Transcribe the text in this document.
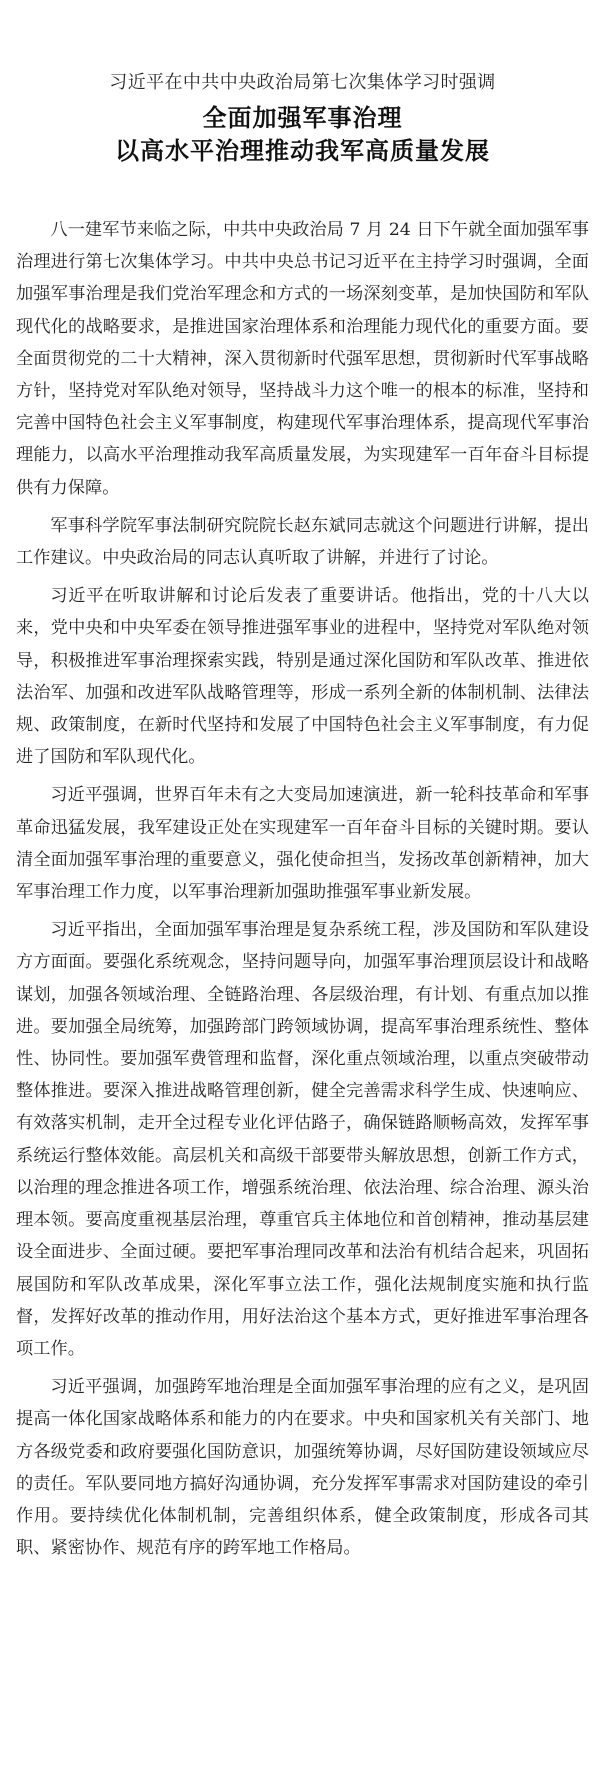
习近平在中共中央政治局第七次集体学习时强调

全面加强军事治理
以高水平治理推动我军高质量发展

八一建军节来临之际，中共中央政治局 7 月 24 日下午就全面加强军事治理进行第七次集体学习。中共中央总书记习近平在主持学习时强调，全面加强军事治理是我们党治军理念和方式的一场深刻变革，是加快国防和军队现代化的战略要求，是推进国家治理体系和治理能力现代化的重要方面。要全面贯彻党的二十大精神，深入贯彻新时代强军思想，贯彻新时代军事战略方针，坚持党对军队绝对领导，坚持战斗力这个唯一的根本的标准，坚持和完善中国特色社会主义军事制度，构建现代军事治理体系，提高现代军事治理能力，以高水平治理推动我军高质量发展，为实现建军一百年奋斗目标提供有力保障。

军事科学院军事法制研究院院长赵东斌同志就这个问题进行讲解，提出工作建议。中央政治局的同志认真听取了讲解，并进行了讨论。

习近平在听取讲解和讨论后发表了重要讲话。他指出，党的十八大以来，党中央和中央军委在领导推进强军事业的进程中，坚持党对军队绝对领导，积极推进军事治理探索实践，特别是通过深化国防和军队改革、推进依法治军、加强和改进军队战略管理等，形成一系列全新的体制机制、法律法规、政策制度，在新时代坚持和发展了中国特色社会主义军事制度，有力促进了国防和军队现代化。

习近平强调，世界百年未有之大变局加速演进，新一轮科技革命和军事革命迅猛发展，我军建设正处在实现建军一百年奋斗目标的关键时期。要认清全面加强军事治理的重要意义，强化使命担当，发扬改革创新精神，加大军事治理工作力度，以军事治理新加强助推强军事业新发展。

习近平指出，全面加强军事治理是复杂系统工程，涉及国防和军队建设方方面面。要强化系统观念，坚持问题导向，加强军事治理顶层设计和战略谋划，加强各领域治理、全链路治理、各层级治理，有计划、有重点加以推进。要加强全局统筹，加强跨部门跨领域协调，提高军事治理系统性、整体性、协同性。要加强军费管理和监督，深化重点领域治理，以重点突破带动整体推进。要深入推进战略管理创新，健全完善需求科学生成、快速响应、有效落实机制，走开全过程专业化评估路子，确保链路顺畅高效，发挥军事系统运行整体效能。高层机关和高级干部要带头解放思想，创新工作方式，以治理的理念推进各项工作，增强系统治理、依法治理、综合治理、源头治理本领。要高度重视基层治理，尊重官兵主体地位和首创精神，推动基层建设全面进步、全面过硬。要把军事治理同改革和法治有机结合起来，巩固拓展国防和军队改革成果，深化军事立法工作，强化法规制度实施和执行监督，发挥好改革的推动作用，用好法治这个基本方式，更好推进军事治理各项工作。

习近平强调，加强跨军地治理是全面加强军事治理的应有之义，是巩固提高一体化国家战略体系和能力的内在要求。中央和国家机关有关部门、地方各级党委和政府要强化国防意识，加强统筹协调，尽好国防建设领域应尽的责任。军队要同地方搞好沟通协调，充分发挥军事需求对国防建设的牵引作用。要持续优化体制机制，完善组织体系，健全政策制度，形成各司其职、紧密协作、规范有序的跨军地工作格局。
